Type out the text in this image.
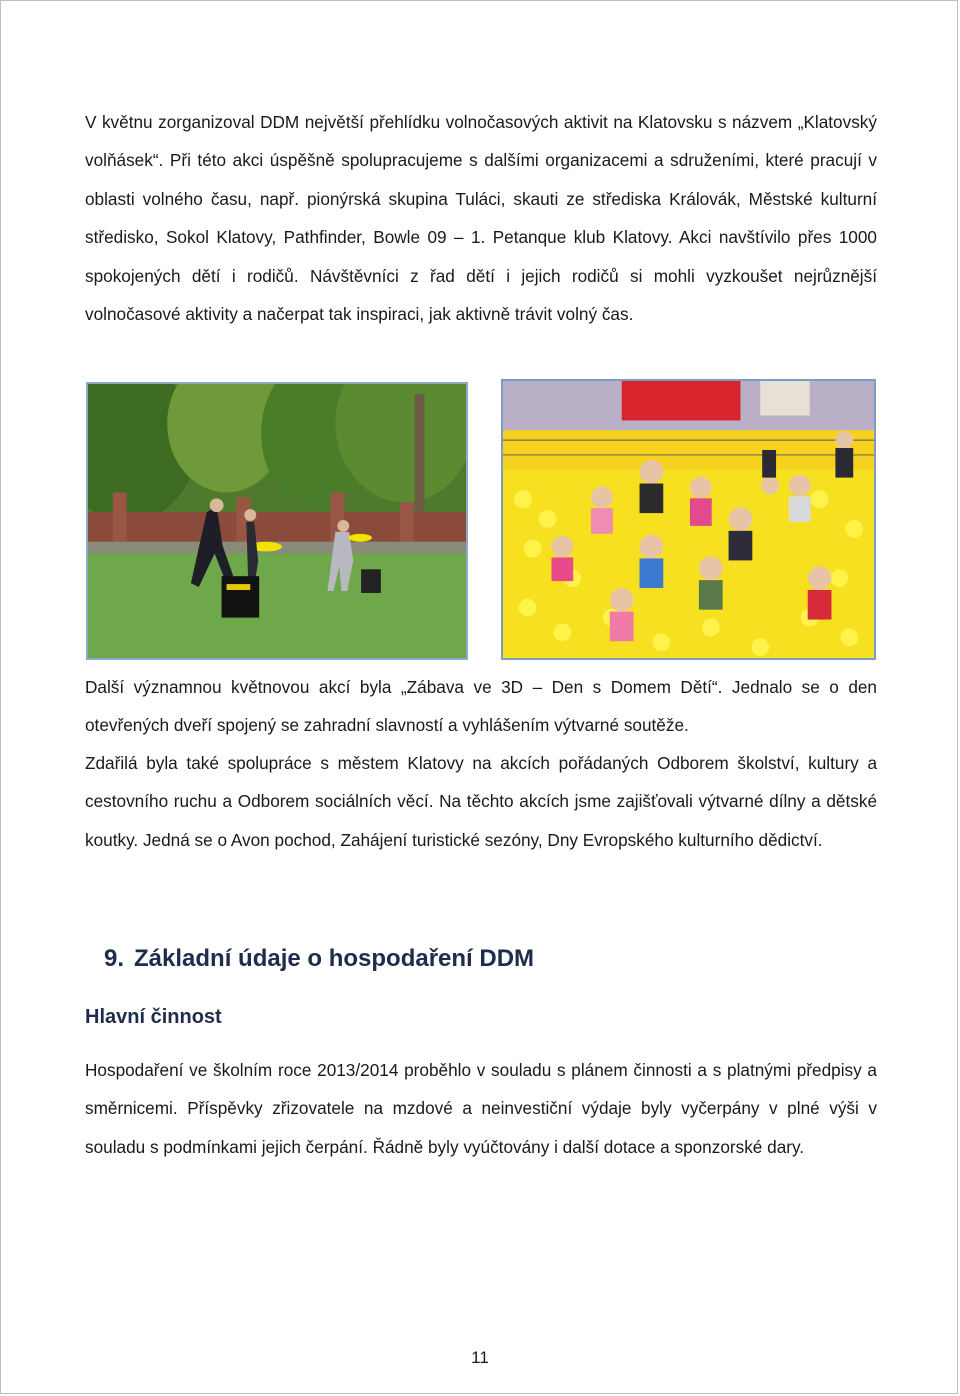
V květnu zorganizoval DDM největší přehlídku volnočasových aktivit na Klatovsku s názvem „Klatovský volňásek“. Při této akci úspěšně spolupracujeme s dalšími organizacemi a sdruženími, které pracují v oblasti volného času, např. pionýrská skupina Tuláci, skauti ze střediska Královák, Městské kulturní středisko, Sokol Klatovy, Pathfinder, Bowle 09 – 1. Petanque klub Klatovy. Akci navštívilo přes 1000 spokojených dětí i rodičů. Návštěvníci z řad dětí i jejich rodičů si mohli vyzkoušet nejrůznější volnočasové aktivity a načerpat tak inspiraci, jak aktivně trávit volný čas.

Další významnou květnovou akcí byla „Zábava ve 3D – Den s Domem Dětí“. Jednalo se o den otevřených dveří spojený se zahradní slavností a vyhlášením výtvarné soutěže.

Zdařilá byla také spolupráce s městem Klatovy na akcích pořádaných Odborem školství, kultury a cestovního ruchu a Odborem sociálních věcí. Na těchto akcích jsme zajišťovali výtvarné dílny a dětské koutky. Jedná se o Avon pochod, Zahájení turistické sezóny, Dny Evropského kulturního dědictví.

9. Základní údaje o hospodaření DDM
Hlavní činnost

Hospodaření ve školním roce 2013/2014 proběhlo v souladu s plánem činnosti a s platnými předpisy a směrnicemi. Příspěvky zřizovatele na mzdové a neinvestiční výdaje byly vyčerpány v plné výši v souladu s podmínkami jejich čerpání. Řádně byly vyúčtovány i další dotace a sponzorské dary.

11
